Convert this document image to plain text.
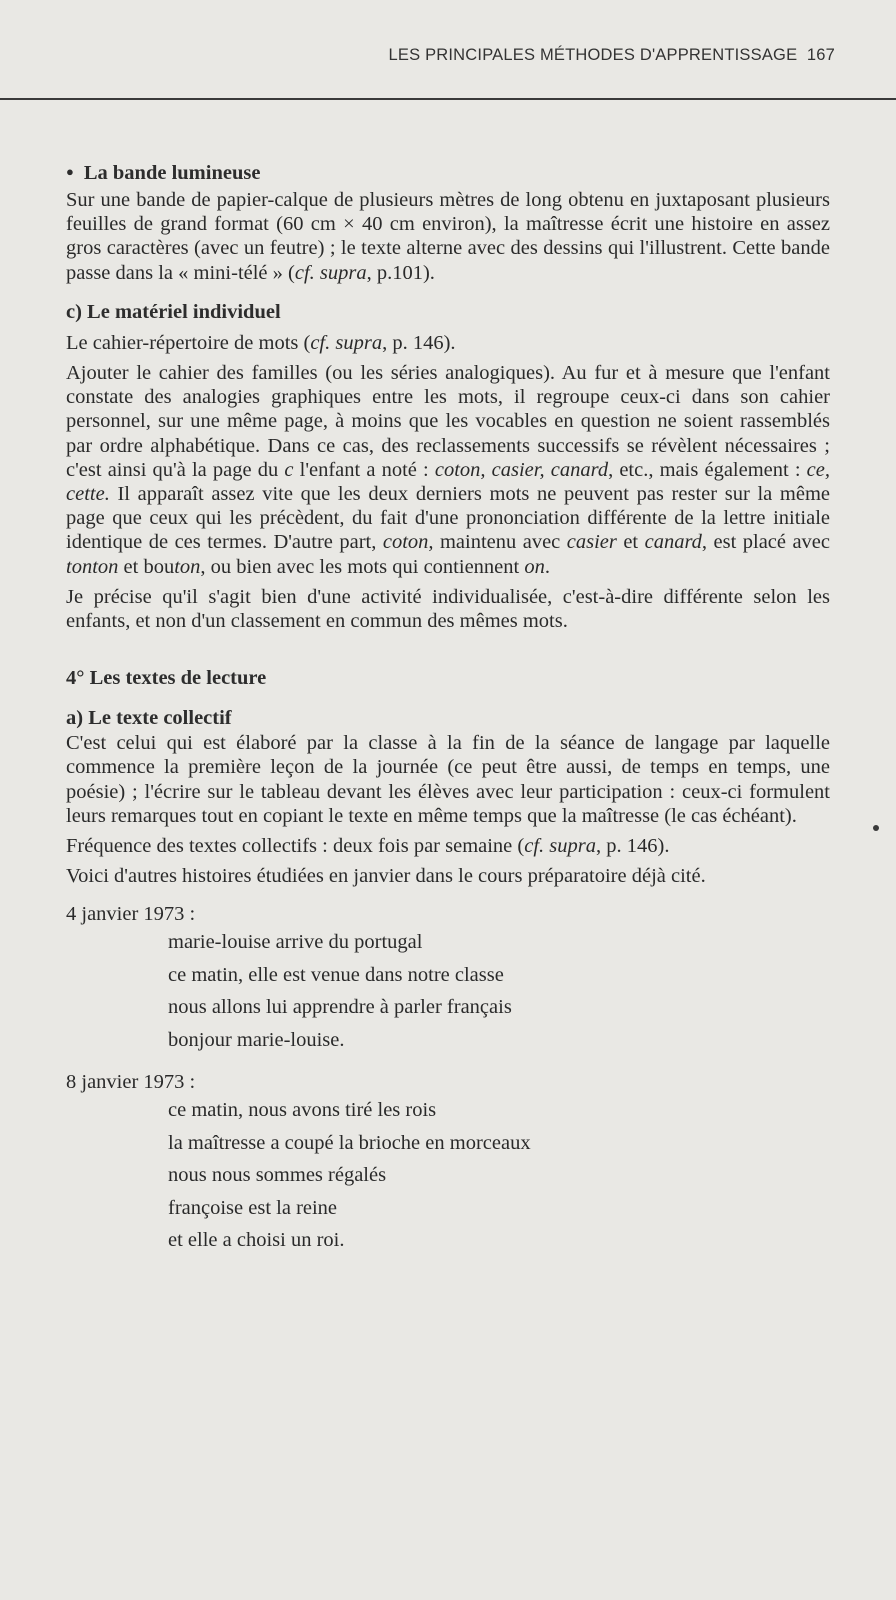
LES PRINCIPALES MÉTHODES D'APPRENTISSAGE 167
● La bande lumineuse

Sur une bande de papier-calque de plusieurs mètres de long obtenu en juxtaposant plusieurs feuilles de grand format (60 cm × 40 cm environ), la maîtresse écrit une histoire en assez gros caractères (avec un feutre) ; le texte alterne avec des dessins qui l'illustrent. Cette bande passe dans la « mini-télé » (cf. supra, p.101).

c) Le matériel individuel

Le cahier-répertoire de mots (cf. supra, p. 146).

Ajouter le cahier des familles (ou les séries analogiques). Au fur et à mesure que l'enfant constate des analogies graphiques entre les mots, il regroupe ceux-ci dans son cahier personnel, sur une même page, à moins que les vocables en question ne soient rassemblés par ordre alphabétique. Dans ce cas, des reclassements successifs se révèlent nécessaires ; c'est ainsi qu'à la page du c l'enfant a noté : coton, casier, canard, etc., mais également : ce, cette. Il apparaît assez vite que les deux derniers mots ne peuvent pas rester sur la même page que ceux qui les précèdent, du fait d'une prononciation différente de la lettre initiale identique de ces termes. D'autre part, coton, maintenu avec casier et canard, est placé avec tonton et bouton, ou bien avec les mots qui contiennent on.

Je précise qu'il s'agit bien d'une activité individualisée, c'est-à-dire différente selon les enfants, et non d'un classement en commun des mêmes mots.

4° Les textes de lecture
a) Le texte collectif

C'est celui qui est élaboré par la classe à la fin de la séance de langage par laquelle commence la première leçon de la journée (ce peut être aussi, de temps en temps, une poésie) ; l'écrire sur le tableau devant les élèves avec leur participation : ceux-ci formulent leurs remarques tout en copiant le texte en même temps que la maîtresse (le cas échéant).

Fréquence des textes collectifs : deux fois par semaine (cf. supra, p. 146).

Voici d'autres histoires étudiées en janvier dans le cours préparatoire déjà cité.

4 janvier 1973 :
marie-louise arrive du portugal
ce matin, elle est venue dans notre classe
nous allons lui apprendre à parler français
bonjour marie-louise.
8 janvier 1973 :
ce matin, nous avons tiré les rois
la maîtresse a coupé la brioche en morceaux
nous nous sommes régalés
françoise est la reine
et elle a choisi un roi.
